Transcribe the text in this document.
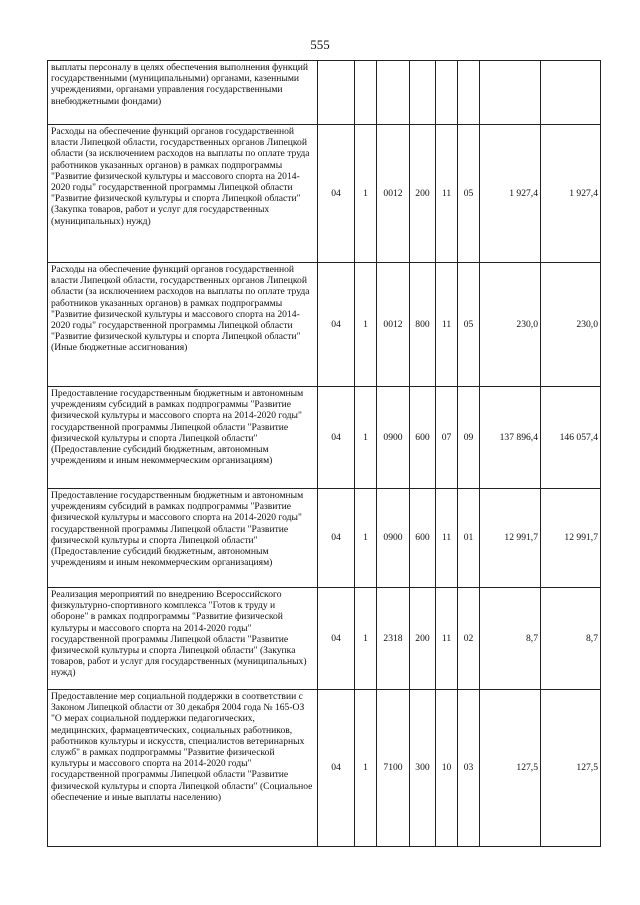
555
выплаты персоналу в целях обеспечения выполнения функций государственными (муниципальными) органами, казенными учреждениями, органами управления государственными внебюджетными фондами)								
Расходы на обеспечение функций органов государственной власти Липецкой области, государственных органов Липецкой области (за исключением расходов на выплаты по оплате труда работников указанных органов) в рамках подпрограммы "Развитие физической культуры и массового спорта на 2014-2020 годы" государственной программы Липецкой области "Развитие физической культуры и спорта Липецкой области" (Закупка товаров, работ и услуг для государственных (муниципальных) нужд)	04	1	0012	200	11	05	1 927,4	1 927,4
Расходы на обеспечение функций органов государственной власти Липецкой области, государственных органов Липецкой области (за исключением расходов на выплаты по оплате труда работников указанных органов) в рамках подпрограммы "Развитие физической культуры и массового спорта на 2014-2020 годы" государственной программы Липецкой области "Развитие физической культуры и спорта Липецкой области" (Иные бюджетные ассигнования)	04	1	0012	800	11	05	230,0	230,0
Предоставление государственным бюджетным и автономным учреждениям субсидий в рамках подпрограммы "Развитие физической культуры и массового спорта на 2014-2020 годы" государственной программы Липецкой области "Развитие физической культуры и спорта Липецкой области" (Предоставление субсидий бюджетным, автономным учреждениям и иным некоммерческим организациям)	04	1	0900	600	07	09	137 896,4	146 057,4
Предоставление государственным бюджетным и автономным учреждениям субсидий в рамках подпрограммы "Развитие физической культуры и массового спорта на 2014-2020 годы" государственной программы Липецкой области "Развитие физической культуры и спорта Липецкой области" (Предоставление субсидий бюджетным, автономным учреждениям и иным некоммерческим организациям)	04	1	0900	600	11	01	12 991,7	12 991,7
Реализация мероприятий по внедрению Всероссийского физкультурно-спортивного комплекса "Готов к труду и обороне" в рамках подпрограммы "Развитие физической культуры и массового спорта на 2014-2020 годы" государственной программы Липецкой области "Развитие физической культуры и спорта Липецкой области" (Закупка товаров, работ и услуг для государственных (муниципальных) нужд)	04	1	2318	200	11	02	8,7	8,7
Предоставление мер социальной поддержки в соответствии с Законом Липецкой области от 30 декабря 2004 года № 165-ОЗ "О мерах социальной поддержки педагогических, медицинских, фармацевтических, социальных работников, работников культуры и искусств, специалистов ветеринарных служб" в рамках подпрограммы "Развитие физической культуры и массового спорта на 2014-2020 годы" государственной программы Липецкой области "Развитие физической культуры и спорта Липецкой области" (Социальное обеспечение и иные выплаты населению)	04	1	7100	300	10	03	127,5	127,5
